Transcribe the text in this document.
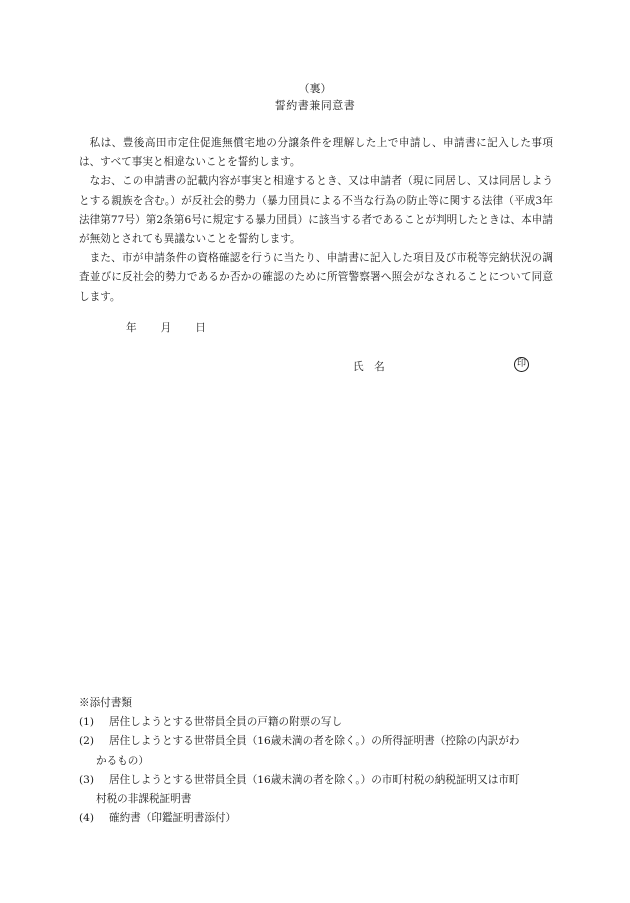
（裏）
誓約書兼同意書

私は、豊後高田市定住促進無償宅地の分譲条件を理解した上で申請し、申請書に記入した事項は、すべて事実と相違ないことを誓約します。

なお、この申請書の記載内容が事実と相違するとき、又は申請者（現に同居し、又は同居しようとする親族を含む。）が反社会的勢力（暴力団員による不当な行為の防止等に関する法律（平成3年法律第77号）第2条第6号に規定する暴力団員）に該当する者であることが判明したときは、本申請が無効とされても異議ないことを誓約します。

また、市が申請条件の資格確認を行うに当たり、申請書に記入した項目及び市税等完納状況の調査並びに反社会的勢力であるか否かの確認のために所管警察署へ照会がなされることについて同意します。

年 月 日
氏　名	印

※添付書類

(1)	居住しようとする世帯員全員の戸籍の附票の写し

(2)	居住しようとする世帯員全員（16歳未満の者を除く。）の所得証明書（控除の内訳がわ
かるもの）

(3)	居住しようとする世帯員全員（16歳未満の者を除く。）の市町村税の納税証明又は市町
村税の非課税証明書

(4)	確約書（印鑑証明書添付）
